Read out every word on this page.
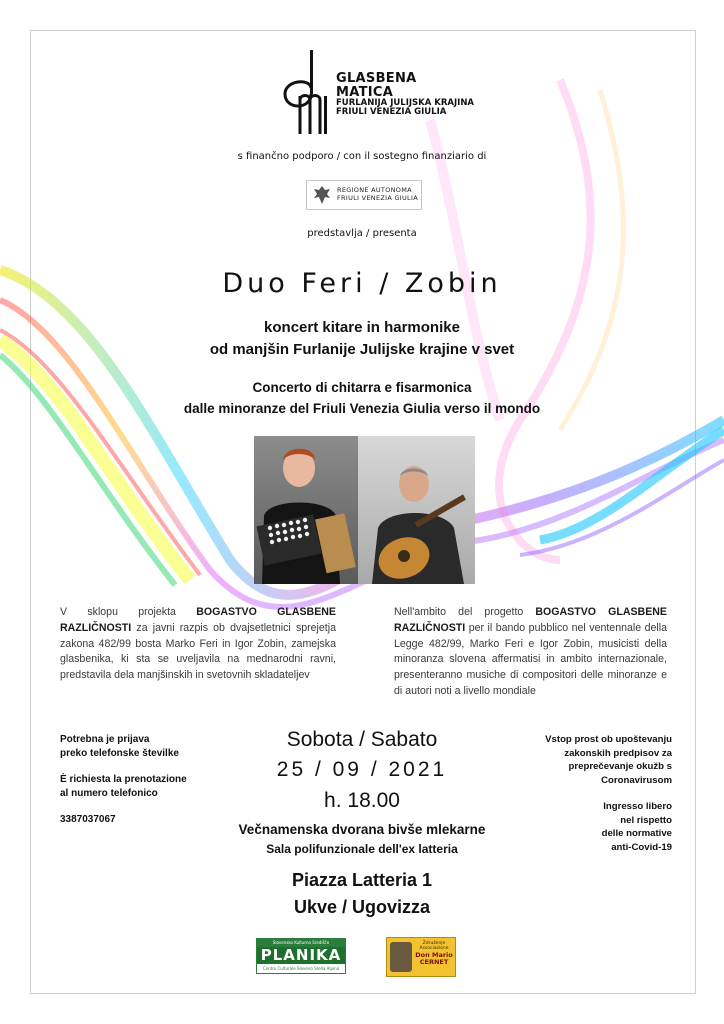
GLASBENA
MATICA
FURLANIJA JULIJSKA KRAJINA
FRIULI VENEZIA GIULIA
s finančno podporo / con il sostegno finanziario di
REGIONE AUTONOMA
FRIULI VENEZIA GIULIA
predstavlja / presenta
Duo Feri / Zobin
koncert kitare in harmonike
od manjšin Furlanije Julijske krajine v svet
Concerto di chitarra e fisarmonica
dalle minoranze del Friuli Venezia Giulia verso il mondo
V sklopu projekta BOGASTVO GLASBENE RAZLIČNOSTI za javni razpis ob dvajsetletnici sprejetja zakona 482/99 bosta Marko Feri in Igor Zobin, zamejska glasbenika, ki sta se uveljavila na mednarodni ravni, predstavila dela manjšinskih in svetovnih skladateljev
Nell'ambito del progetto BOGASTVO GLASBENE RAZLIČNOSTI per il bando pubblico nel ventennale della Legge 482/99, Marko Feri e Igor Zobin, musicisti della minoranza slovena affermatisi in ambito internazionale, presenteranno musiche di compositori delle minoranze e di autori noti a livello mondiale

Potrebna je prijava
preko telefonske številke

È richiesta la prenotazione
al numero telefonico

3387037067

Vstop prost ob upoštevanju
zakonskih predpisov za
preprečevanje okužb s
Coronavirusom

Ingresso libero
nel rispetto
delle normative
anti-Covid-19

Sobota / Sabato
25 / 09 / 2021
h. 18.00
Večnamenska dvorana bivše mlekarne
Sala polifunzionale dell'ex latteria
Piazza Latteria 1
Ukve / Ugovizza
Slovensko Kulturno Središče
PLANIKA
Centro Culturale Sloveno Stella Alpina
Združenje Associazione
Don Mario CERNET
